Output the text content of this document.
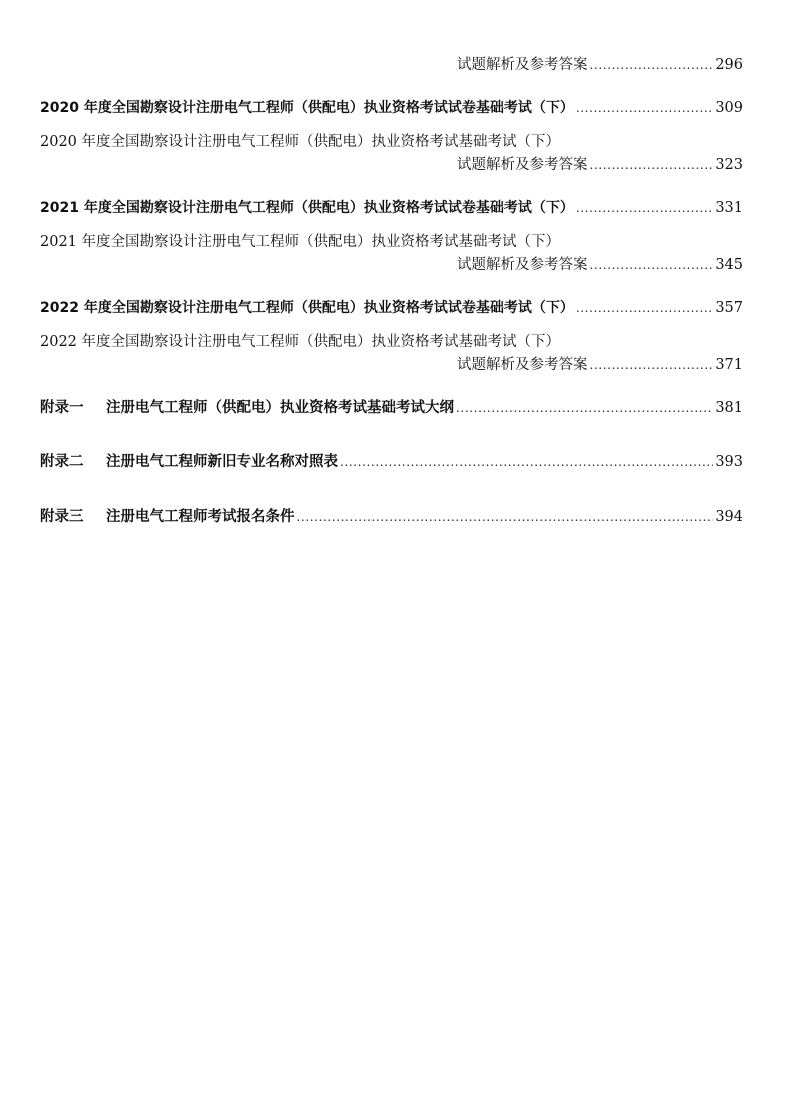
试题解析及参考答案 .....	296
2020 年度全国勘察设计注册电气工程师（供配电）执业资格考试试卷基础考试（下） .....	309
2020 年度全国勘察设计注册电气工程师（供配电）执业资格考试基础考试（下）
试题解析及参考答案 .....	323
2021 年度全国勘察设计注册电气工程师（供配电）执业资格考试试卷基础考试（下） .....	331
2021 年度全国勘察设计注册电气工程师（供配电）执业资格考试基础考试（下）
试题解析及参考答案 .....	345
2022 年度全国勘察设计注册电气工程师（供配电）执业资格考试试卷基础考试（下） .....	357
2022 年度全国勘察设计注册电气工程师（供配电）执业资格考试基础考试（下）
试题解析及参考答案 .....	371
附录一	注册电气工程师（供配电）执业资格考试基础考试大纲 .....	381
附录二	注册电气工程师新旧专业名称对照表 .....	393
附录三	注册电气工程师考试报名条件 .....	394
